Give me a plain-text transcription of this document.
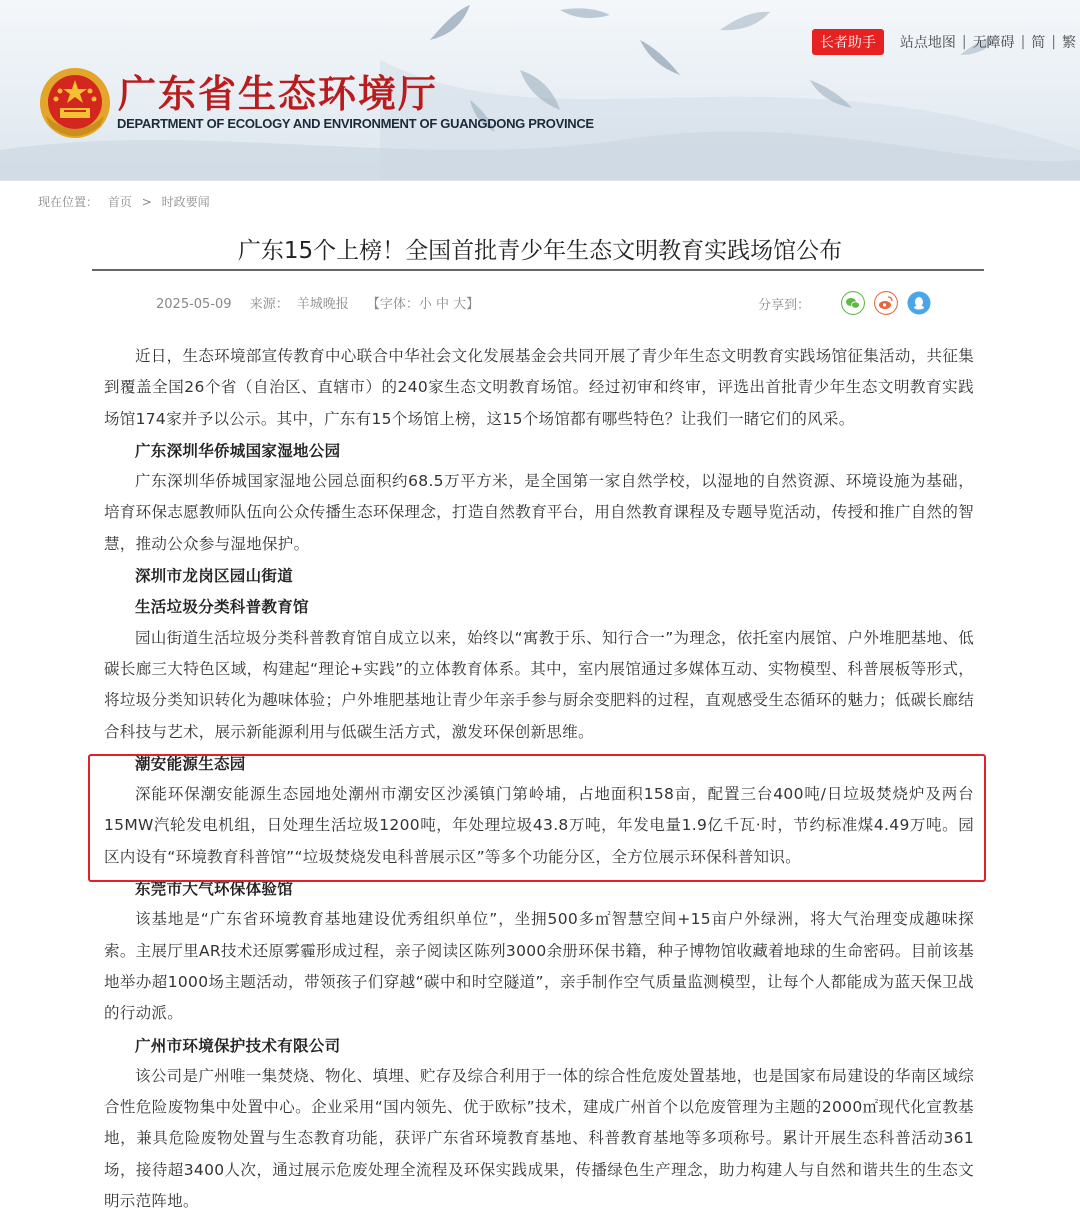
广东省生态环境厅
DEPARTMENT OF ECOLOGY AND ENVIRONMENT OF GUANGDONG PROVINCE
长者助手	站点地图 | 无障碍 | 简 | 繁
现在位置： 首页 > 时政要闻
广东15个上榜！全国首批青少年生态文明教育实践场馆公布
2025-05-09 来源： 羊城晚报 【字体：小 中 大】	分享到：

近日，生态环境部宣传教育中心联合中华社会文化发展基金会共同开展了青少年生态文明教育实践场馆征集活动，共征集到覆盖全国26个省（自治区、直辖市）的240家生态文明教育场馆。经过初审和终审，评选出首批青少年生态文明教育实践场馆174家并予以公示。其中，广东有15个场馆上榜，这15个场馆都有哪些特色？让我们一睹它们的风采。

广东深圳华侨城国家湿地公园

广东深圳华侨城国家湿地公园总面积约68.5万平方米，是全国第一家自然学校，以湿地的自然资源、环境设施为基础，培育环保志愿教师队伍向公众传播生态环保理念，打造自然教育平台，用自然教育课程及专题导览活动，传授和推广自然的智慧，推动公众参与湿地保护。

深圳市龙岗区园山街道

生活垃圾分类科普教育馆

园山街道生活垃圾分类科普教育馆自成立以来，始终以“寓教于乐、知行合一”为理念，依托室内展馆、户外堆肥基地、低碳长廊三大特色区域，构建起“理论+实践”的立体教育体系。其中，室内展馆通过多媒体互动、实物模型、科普展板等形式，将垃圾分类知识转化为趣味体验；户外堆肥基地让青少年亲手参与厨余变肥料的过程，直观感受生态循环的魅力；低碳长廊结合科技与艺术，展示新能源利用与低碳生活方式，激发环保创新思维。

潮安能源生态园

深能环保潮安能源生态园地处潮州市潮安区沙溪镇门第岭埔，占地面积158亩，配置三台400吨/日垃圾焚烧炉及两台15MW汽轮发电机组，日处理生活垃圾1200吨，年处理垃圾43.8万吨，年发电量1.9亿千瓦·时，节约标准煤4.49万吨。园区内设有“环境教育科普馆”“垃圾焚烧发电科普展示区”等多个功能分区，全方位展示环保科普知识。

东莞市大气环保体验馆

该基地是“广东省环境教育基地建设优秀组织单位”，坐拥500多㎡智慧空间+15亩户外绿洲，将大气治理变成趣味探索。主展厅里AR技术还原雾霾形成过程，亲子阅读区陈列3000余册环保书籍，种子博物馆收藏着地球的生命密码。目前该基地举办超1000场主题活动，带领孩子们穿越“碳中和时空隧道”，亲手制作空气质量监测模型，让每个人都能成为蓝天保卫战的行动派。

广州市环境保护技术有限公司

该公司是广州唯一集焚烧、物化、填埋、贮存及综合利用于一体的综合性危废处置基地，也是国家布局建设的华南区域综合性危险废物集中处置中心。企业采用“国内领先、优于欧标”技术，建成广州首个以危废管理为主题的2000㎡现代化宣教基地，兼具危险废物处置与生态教育功能，获评广东省环境教育基地、科普教育基地等多项称号。累计开展生态科普活动361场，接待超3400人次，通过展示危废处理全流程及环保实践成果，传播绿色生产理念，助力构建人与自然和谐共生的生态文明示范阵地。
